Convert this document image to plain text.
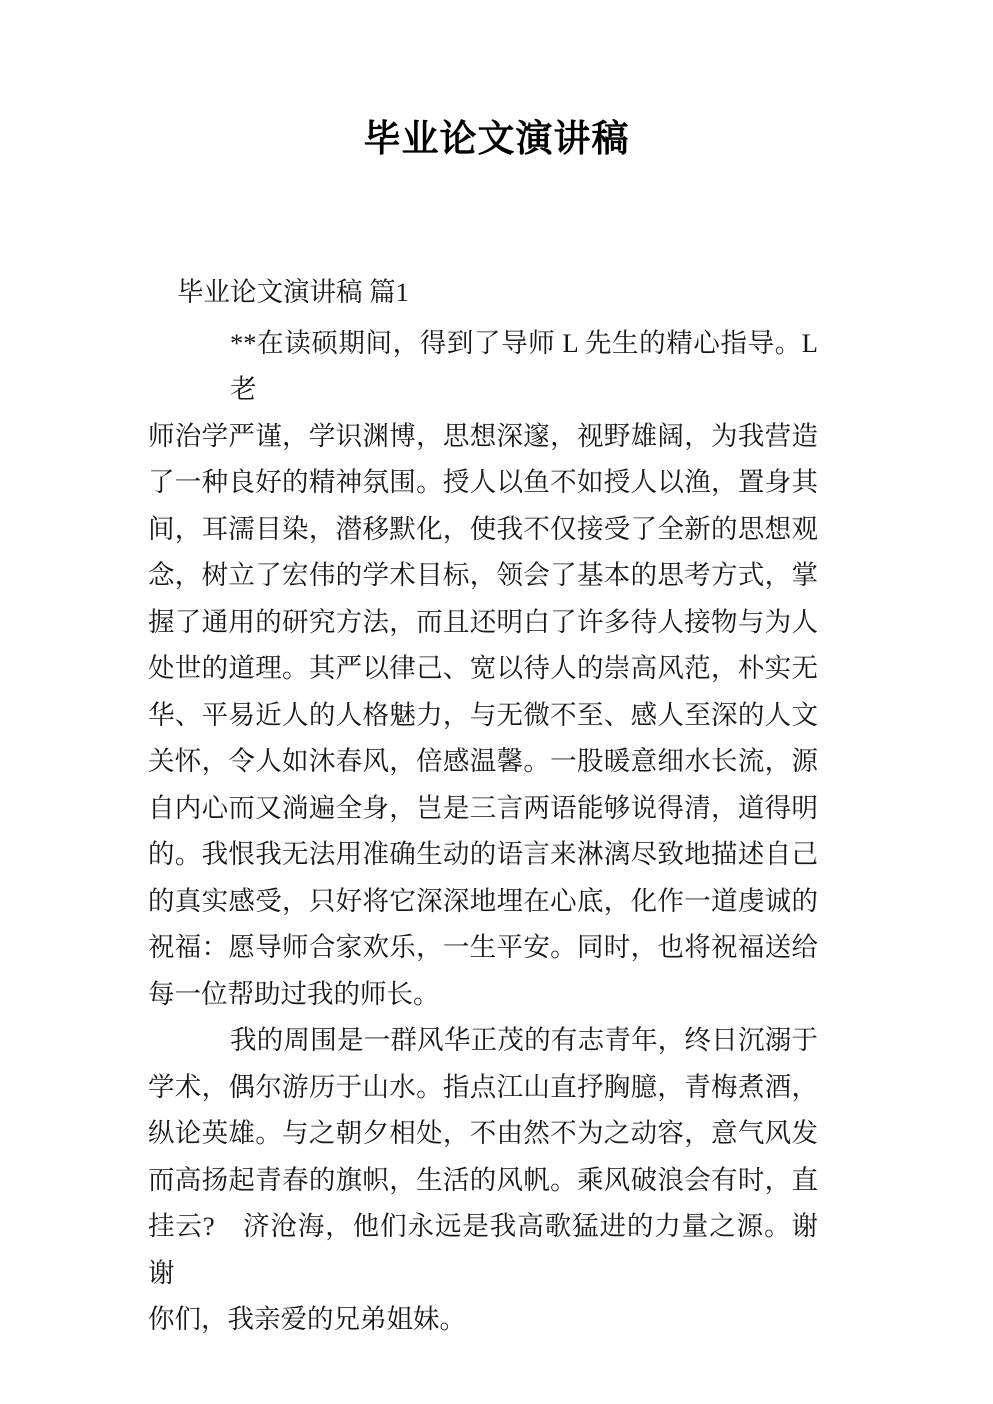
毕业论文演讲稿
毕业论文演讲稿 篇1
**在读硕期间，得到了导师 L 先生的精心指导。L 老
师治学严谨，学识渊博，思想深邃，视野雄阔，为我营造
了一种良好的精神氛围。授人以鱼不如授人以渔，置身其
间，耳濡目染，潜移默化，使我不仅接受了全新的思想观
念，树立了宏伟的学术目标，领会了基本的思考方式，掌
握了通用的研究方法，而且还明白了许多待人接物与为人
处世的道理。其严以律己、宽以待人的崇高风范，朴实无
华、平易近人的人格魅力，与无微不至、感人至深的人文
关怀，令人如沐春风，倍感温馨。一股暖意细水长流，源
自内心而又淌遍全身，岂是三言两语能够说得清，道得明
的。我恨我无法用准确生动的语言来淋漓尽致地描述自己
的真实感受，只好将它深深地埋在心底，化作一道虔诚的
祝福：愿导师合家欢乐，一生平安。同时，也将祝福送给
每一位帮助过我的师长。
我的周围是一群风华正茂的有志青年，终日沉溺于
学术，偶尔游历于山水。指点江山直抒胸臆，青梅煮酒，
纵论英雄。与之朝夕相处，不由然不为之动容，意气风发
而高扬起青春的旗帜，生活的风帆。乘风破浪会有时，直
挂云?　济沧海，他们永远是我高歌猛进的力量之源。谢谢
你们，我亲爱的兄弟姐妹。
